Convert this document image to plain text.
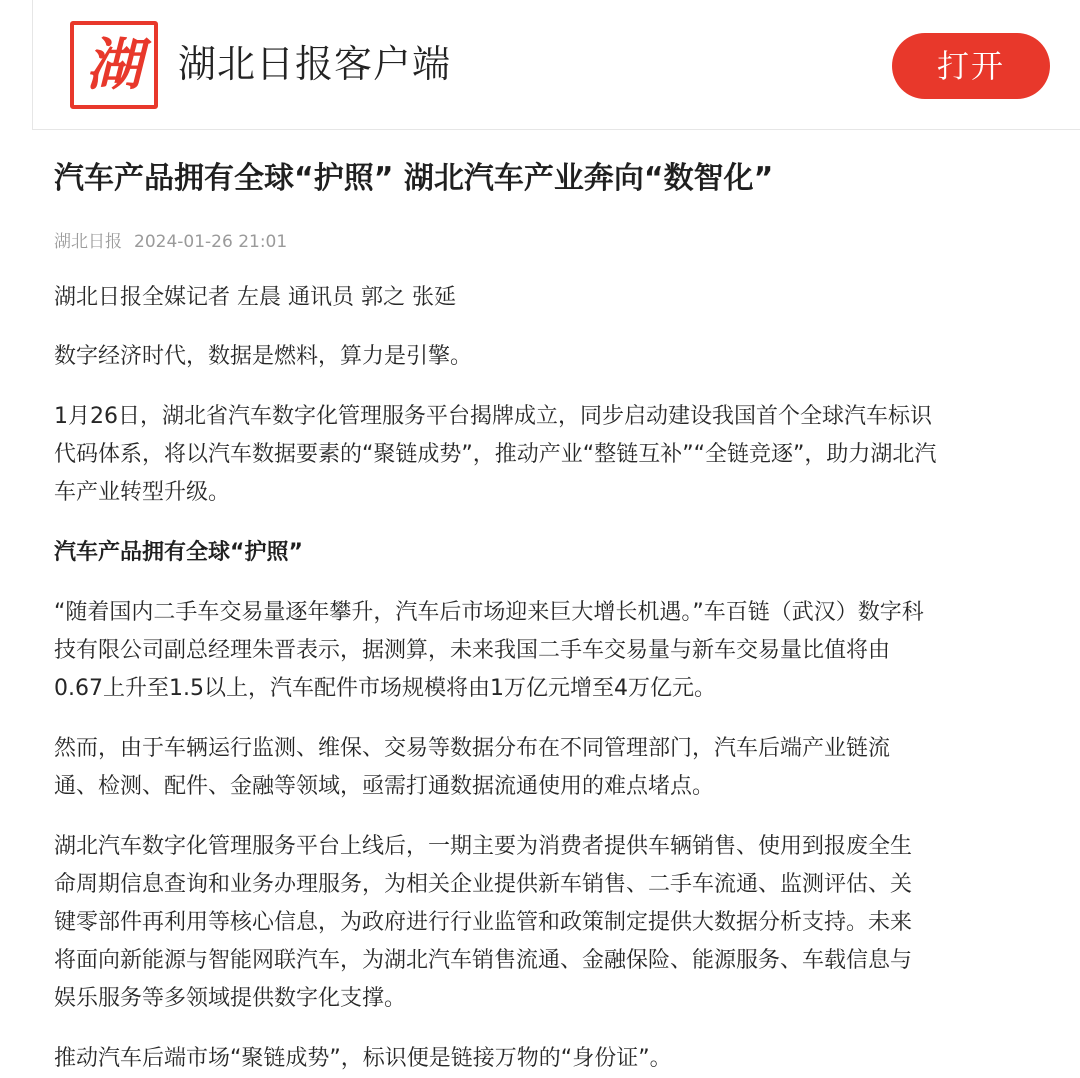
湖 湖北日报客户端	打开
汽车产品拥有全球“护照” 湖北汽车产业奔向“数智化”
湖北日报 2024-01-26 21:01

湖北日报全媒记者 左晨 通讯员 郭之 张延

数字经济时代，数据是燃料，算力是引擎。

1月26日，湖北省汽车数字化管理服务平台揭牌成立，同步启动建设我国首个全球汽车标识
代码体系，将以汽车数据要素的“聚链成势”，推动产业“整链互补”“全链竞逐”，助力湖北汽
车产业转型升级。

汽车产品拥有全球“护照”

“随着国内二手车交易量逐年攀升，汽车后市场迎来巨大增长机遇。”车百链（武汉）数字科
技有限公司副总经理朱晋表示，据测算，未来我国二手车交易量与新车交易量比值将由
0.67上升至1.5以上，汽车配件市场规模将由1万亿元增至4万亿元。

然而，由于车辆运行监测、维保、交易等数据分布在不同管理部门，汽车后端产业链流
通、检测、配件、金融等领域，亟需打通数据流通使用的难点堵点。

湖北汽车数字化管理服务平台上线后，一期主要为消费者提供车辆销售、使用到报废全生
命周期信息查询和业务办理服务，为相关企业提供新车销售、二手车流通、监测评估、关
键零部件再利用等核心信息，为政府进行行业监管和政策制定提供大数据分析支持。未来
将面向新能源与智能网联汽车，为湖北汽车销售流通、金融保险、能源服务、车载信息与
娱乐服务等多领域提供数字化支撑。

推动汽车后端市场“聚链成势”，标识便是链接万物的“身份证”。
